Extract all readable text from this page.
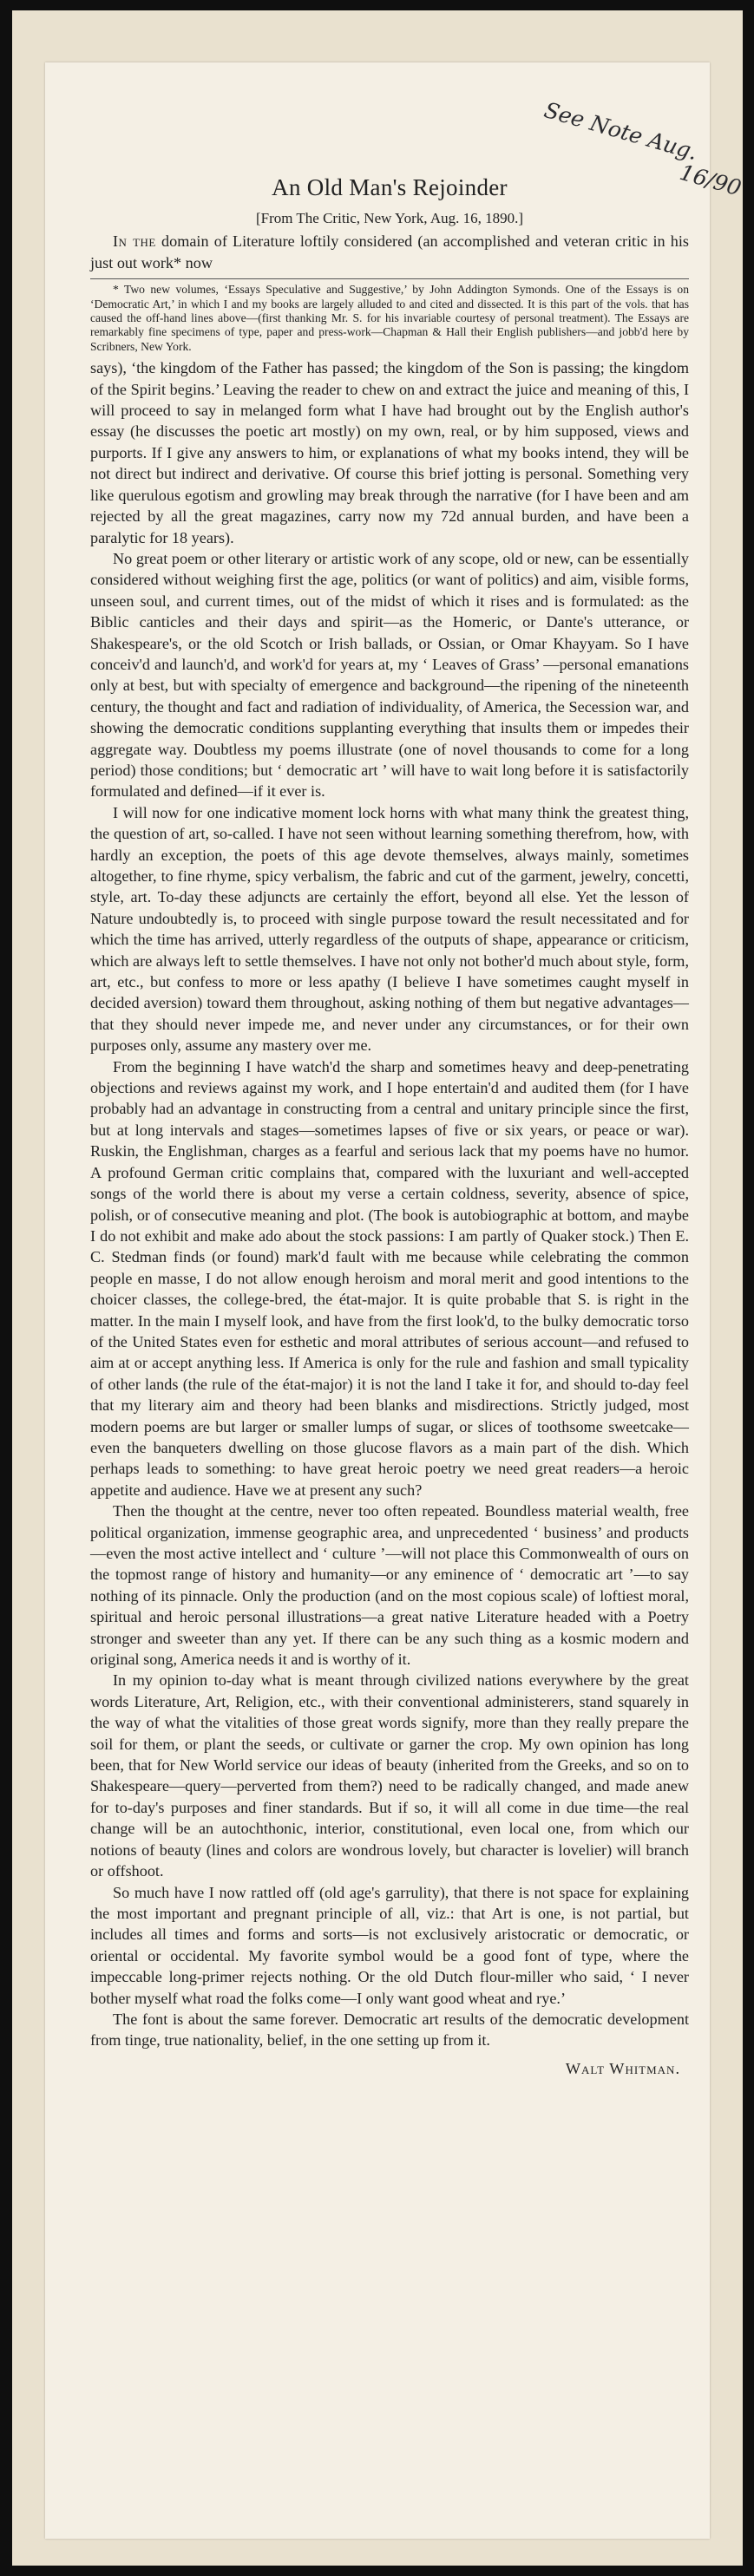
See Note Aug.
16/90
An Old Man's Rejoinder
[From The Critic, New York, Aug. 16, 1890.]

In the domain of Literature loftily considered (an accomplished and veteran critic in his just out work* now

* Two new volumes, ‘Essays Speculative and Suggestive,’ by John Addington Symonds. One of the Essays is on ‘Democratic Art,’ in which I and my books are largely alluded to and cited and dissected. It is this part of the vols. that has caused the off-hand lines above—(first thanking Mr. S. for his invariable courtesy of personal treatment). The Essays are remarkably fine specimens of type, paper and press-work—Chapman & Hall their English publishers—and jobb'd here by Scribners, New York.

says), ‘the kingdom of the Father has passed; the kingdom of the Son is passing; the kingdom of the Spirit begins.’ Leaving the reader to chew on and extract the juice and meaning of this, I will proceed to say in melanged form what I have had brought out by the English author's essay (he discusses the poetic art mostly) on my own, real, or by him supposed, views and purports. If I give any answers to him, or explanations of what my books intend, they will be not direct but indirect and derivative. Of course this brief jotting is personal. Something very like querulous egotism and growling may break through the narrative (for I have been and am rejected by all the great magazines, carry now my 72d annual burden, and have been a paralytic for 18 years).

No great poem or other literary or artistic work of any scope, old or new, can be essentially considered without weighing first the age, politics (or want of politics) and aim, visible forms, unseen soul, and current times, out of the midst of which it rises and is formulated: as the Biblic canticles and their days and spirit—as the Homeric, or Dante's utterance, or Shakespeare's, or the old Scotch or Irish ballads, or Ossian, or Omar Khayyam. So I have conceiv'd and launch'd, and work'd for years at, my ‘ Leaves of Grass’ —personal emanations only at best, but with specialty of emergence and background—the ripening of the nineteenth century, the thought and fact and radiation of individuality, of America, the Secession war, and showing the democratic conditions supplanting everything that insults them or impedes their aggregate way. Doubtless my poems illustrate (one of novel thousands to come for a long period) those conditions; but ‘ democratic art ’ will have to wait long before it is satisfactorily formulated and defined—if it ever is.

I will now for one indicative moment lock horns with what many think the greatest thing, the question of art, so-called. I have not seen without learning something therefrom, how, with hardly an exception, the poets of this age devote themselves, always mainly, sometimes altogether, to fine rhyme, spicy verbalism, the fabric and cut of the garment, jewelry, concetti, style, art. To-day these adjuncts are certainly the effort, beyond all else. Yet the lesson of Nature undoubtedly is, to proceed with single purpose toward the result necessitated and for which the time has arrived, utterly regardless of the outputs of shape, appearance or criticism, which are always left to settle themselves. I have not only not bother'd much about style, form, art, etc., but confess to more or less apathy (I believe I have sometimes caught myself in decided aversion) toward them throughout, asking nothing of them but negative advantages—that they should never impede me, and never under any circumstances, or for their own purposes only, assume any mastery over me.

From the beginning I have watch'd the sharp and sometimes heavy and deep-penetrating objections and reviews against my work, and I hope entertain'd and audited them (for I have probably had an advantage in constructing from a central and unitary principle since the first, but at long intervals and stages—sometimes lapses of five or six years, or peace or war). Ruskin, the Englishman, charges as a fearful and serious lack that my poems have no humor. A profound German critic complains that, compared with the luxuriant and well-accepted songs of the world there is about my verse a certain coldness, severity, absence of spice, polish, or of consecutive meaning and plot. (The book is autobiographic at bottom, and maybe I do not exhibit and make ado about the stock passions: I am partly of Quaker stock.) Then E. C. Stedman finds (or found) mark'd fault with me because while celebrating the common people en masse, I do not allow enough heroism and moral merit and good intentions to the choicer classes, the college-bred, the état-major. It is quite probable that S. is right in the matter. In the main I myself look, and have from the first look'd, to the bulky democratic torso of the United States even for esthetic and moral attributes of serious account—and refused to aim at or accept anything less. If America is only for the rule and fashion and small typicality of other lands (the rule of the état-major) it is not the land I take it for, and should to-day feel that my literary aim and theory had been blanks and misdirections. Strictly judged, most modern poems are but larger or smaller lumps of sugar, or slices of toothsome sweetcake—even the banqueters dwelling on those glucose flavors as a main part of the dish. Which perhaps leads to something: to have great heroic poetry we need great readers—a heroic appetite and audience. Have we at present any such?

Then the thought at the centre, never too often repeated. Boundless material wealth, free political organization, immense geographic area, and unprecedented ‘ business’ and products—even the most active intellect and ‘ culture ’—will not place this Commonwealth of ours on the topmost range of history and humanity—or any eminence of ‘ democratic art ’—to say nothing of its pinnacle. Only the production (and on the most copious scale) of loftiest moral, spiritual and heroic personal illustrations—a great native Literature headed with a Poetry stronger and sweeter than any yet. If there can be any such thing as a kosmic modern and original song, America needs it and is worthy of it.

In my opinion to-day what is meant through civilized nations everywhere by the great words Literature, Art, Religion, etc., with their conventional administerers, stand squarely in the way of what the vitalities of those great words signify, more than they really prepare the soil for them, or plant the seeds, or cultivate or garner the crop. My own opinion has long been, that for New World service our ideas of beauty (inherited from the Greeks, and so on to Shakespeare—query—perverted from them?) need to be radically changed, and made anew for to-day's purposes and finer standards. But if so, it will all come in due time—the real change will be an autochthonic, interior, constitutional, even local one, from which our notions of beauty (lines and colors are wondrous lovely, but character is lovelier) will branch or offshoot.

So much have I now rattled off (old age's garrulity), that there is not space for explaining the most important and pregnant principle of all, viz.: that Art is one, is not partial, but includes all times and forms and sorts—is not exclusively aristocratic or democratic, or oriental or occidental. My favorite symbol would be a good font of type, where the impeccable long-primer rejects nothing. Or the old Dutch flour-miller who said, ‘ I never bother myself what road the folks come—I only want good wheat and rye.’

The font is about the same forever. Democratic art results of the democratic development from tinge, true nationality, belief, in the one setting up from it.

Walt Whitman.
